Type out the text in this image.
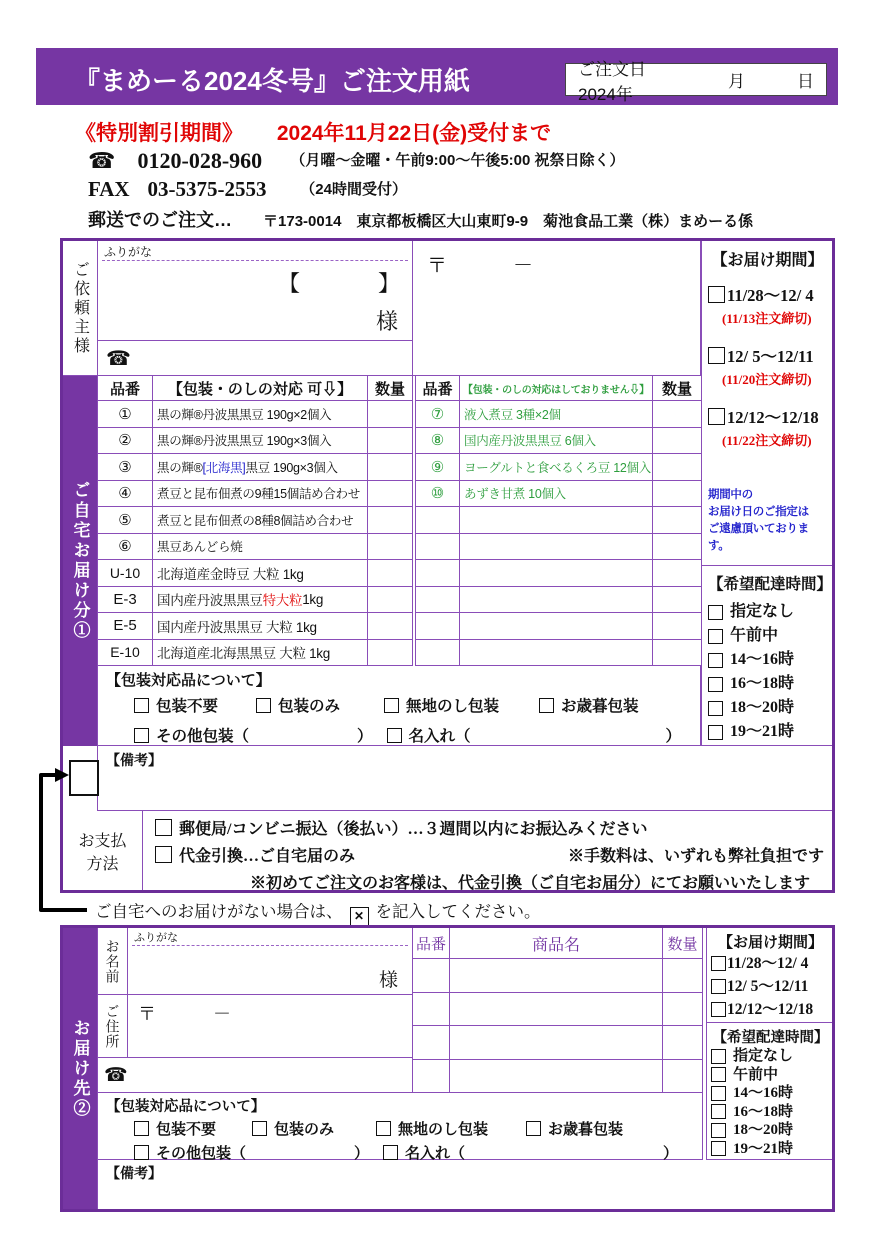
『まめーる2024冬号』ご注文用紙	ご注文日2024年
月	日
《特別割引期間》 2024年11月22日(金)受付まで
☎ 0120-028-960 （月曜～金曜・午前9:00～午後5:00 祝祭日除く）
FAX 03-5375-2553 （24時間受付）
郵送でのご注文… 〒173-0014　東京都板橋区大山東町9-9　菊池食品工業（株）まめーる係
ご依頼主様
ご自宅お届け分①
ふりがな
【	】
様
☎
〒	－	【お届け期間】
11/28～12/ 4
(11/13注文締切)
12/ 5～12/11
(11/20注文締切)
12/12～12/18
(11/22注文締切)
期間中の
お届け日のご指定は
ご遠慮頂いております。
【希望配達時間】
指定なし
午前中
14～16時
16～18時
18～20時
19～21時
品番	【包装・のしの対応 可⇩】	数量	品番	【包装・のしの対応はしておりません⇩】 数量
①	黒の輝®丹波黒黒豆 190g×2個入
②	黒の輝®丹波黒黒豆 190g×3個入
③	黒の輝® [北海黒] 黒豆 190g×3個入
④	煮豆と昆布佃煮の9種15個詰め合わせ
⑤	煮豆と昆布佃煮の8種8個詰め合わせ
⑥	黒豆あんどら焼
U-10	北海道産金時豆 大粒 1kg
E-3	国内産丹波黒黒豆 特大粒 1kg
E-5	国内産丹波黒黒豆 大粒 1kg
E-10	北海道産北海黒黒豆 大粒 1kg
⑦	液入煮豆 3種×2個
⑧	国内産丹波黒黒豆 6個入
⑨	ヨーグルトと食べるくろ豆 12個入
⑩	あずき甘煮 10個入
【包装対応品について】
包装不要	包装のみ	無地のし包装	お歳暮包装
その他包装（	） 名入れ（	）
【備考】
お支払
方法
郵便局/コンビニ振込（後払い）…３週間以内にお振込みください
代金引換…ご自宅届のみ	※手数料は、いずれも弊社負担です
※初めてご注文のお客様は、代金引換（ご自宅お届分）にてお願いいたします
ご自宅へのお届けがない場合は、 ✕ を記入してください。
お届け先②
お名前
ふりがな
様
ご住所 〒	－
☎
品番	商品名	数量	【お届け期間】
11/28～12/ 4
12/ 5～12/11
12/12～12/18
【希望配達時間】
指定なし
午前中
14～16時
16～18時
18～20時
19～21時
【包装対応品について】
包装不要	包装のみ	無地のし包装	お歳暮包装
その他包装（	） 名入れ（	）
【備考】
